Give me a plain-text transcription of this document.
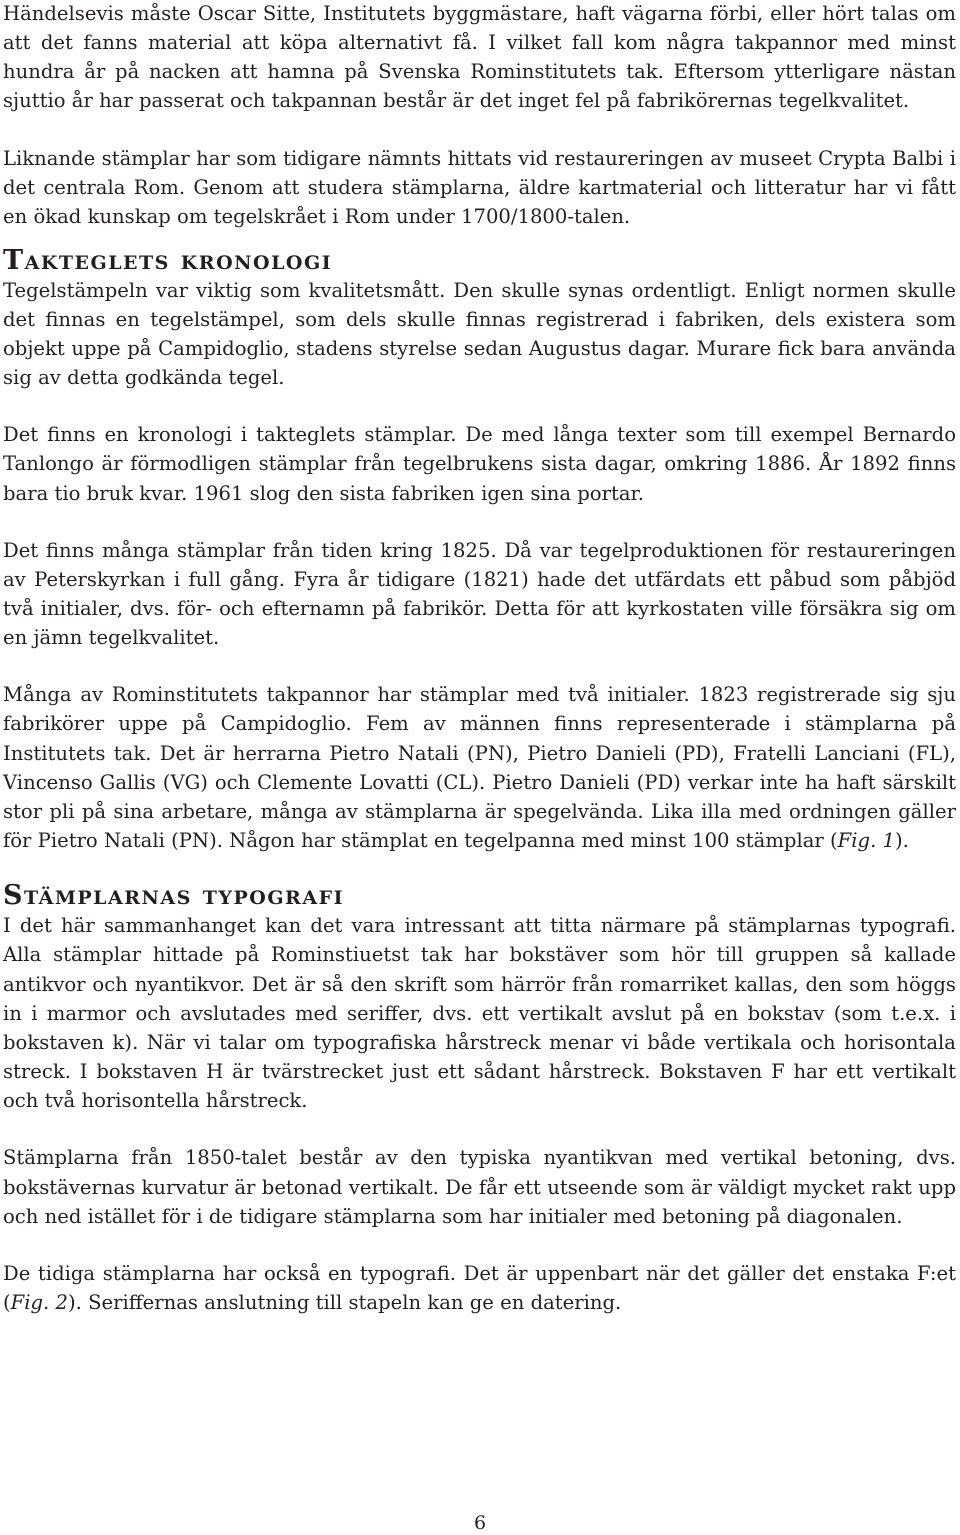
Händelsevis måste Oscar Sitte, Institutets byggmästare, haft vägarna förbi, eller hört talas om att det fanns material att köpa alternativt få. I vilket fall kom några takpannor med minst hundra år på nacken att hamna på Svenska Rominstitutets tak. Eftersom ytterligare nästan sjuttio år har passerat och takpannan består är det inget fel på fabrikörernas tegelkvalitet.

Liknande stämplar har som tidigare nämnts hittats vid restaureringen av museet Crypta Balbi i det centrala Rom. Genom att studera stämplarna, äldre kartmaterial och litteratur har vi fått en ökad kunskap om tegelskrået i Rom under 1700/1800-talen.

Takteglets kronologi

Tegelstämpeln var viktig som kvalitetsmått. Den skulle synas ordentligt. Enligt normen skulle det finnas en tegelstämpel, som dels skulle finnas registrerad i fabriken, dels existera som objekt uppe på Campidoglio, stadens styrelse sedan Augustus dagar. Murare fick bara använda sig av detta godkända tegel.

Det finns en kronologi i takteglets stämplar. De med långa texter som till exempel Bernardo Tanlongo är förmodligen stämplar från tegelbrukens sista dagar, omkring 1886. År 1892 finns bara tio bruk kvar. 1961 slog den sista fabriken igen sina portar.

Det finns många stämplar från tiden kring 1825. Då var tegelproduktionen för restaureringen av Peterskyrkan i full gång. Fyra år tidigare (1821) hade det utfärdats ett påbud som påbjöd två initialer, dvs. för- och efternamn på fabrikör. Detta för att kyrkostaten ville försäkra sig om en jämn tegelkvalitet.

Många av Rominstitutets takpannor har stämplar med två initialer. 1823 registrerade sig sju fabrikörer uppe på Campidoglio. Fem av männen finns representerade i stämplarna på Institutets tak. Det är herrarna Pietro Natali (PN), Pietro Danieli (PD), Fratelli Lanciani (FL), Vincenso Gallis (VG) och Clemente Lovatti (CL). Pietro Danieli (PD) verkar inte ha haft särskilt stor pli på sina arbetare, många av stämplarna är spegelvända. Lika illa med ordningen gäller för Pietro Natali (PN). Någon har stämplat en tegelpanna med minst 100 stämplar (Fig. 1).

Stämplarnas typografi

I det här sammanhanget kan det vara intressant att titta närmare på stämplarnas typografi. Alla stämplar hittade på Rominstiuetst tak har bokstäver som hör till gruppen så kallade antikvor och nyantikvor. Det är så den skrift som härrör från romarriket kallas, den som höggs in i marmor och avslutades med seriffer, dvs. ett vertikalt avslut på en bokstav (som t.e.x. i bokstaven k). När vi talar om typografiska hårstreck menar vi både vertikala och horisontala streck. I bokstaven H är tvärstrecket just ett sådant hårstreck. Bokstaven F har ett vertikalt och två horisontella hårstreck.

Stämplarna från 1850-talet består av den typiska nyantikvan med vertikal betoning, dvs. bokstävernas kurvatur är betonad vertikalt. De får ett utseende som är väldigt mycket rakt upp och ned istället för i de tidigare stämplarna som har initialer med betoning på diagonalen.

De tidiga stämplarna har också en typografi. Det är uppenbart när det gäller det enstaka F:et (Fig. 2). Seriffernas anslutning till stapeln kan ge en datering.

6
